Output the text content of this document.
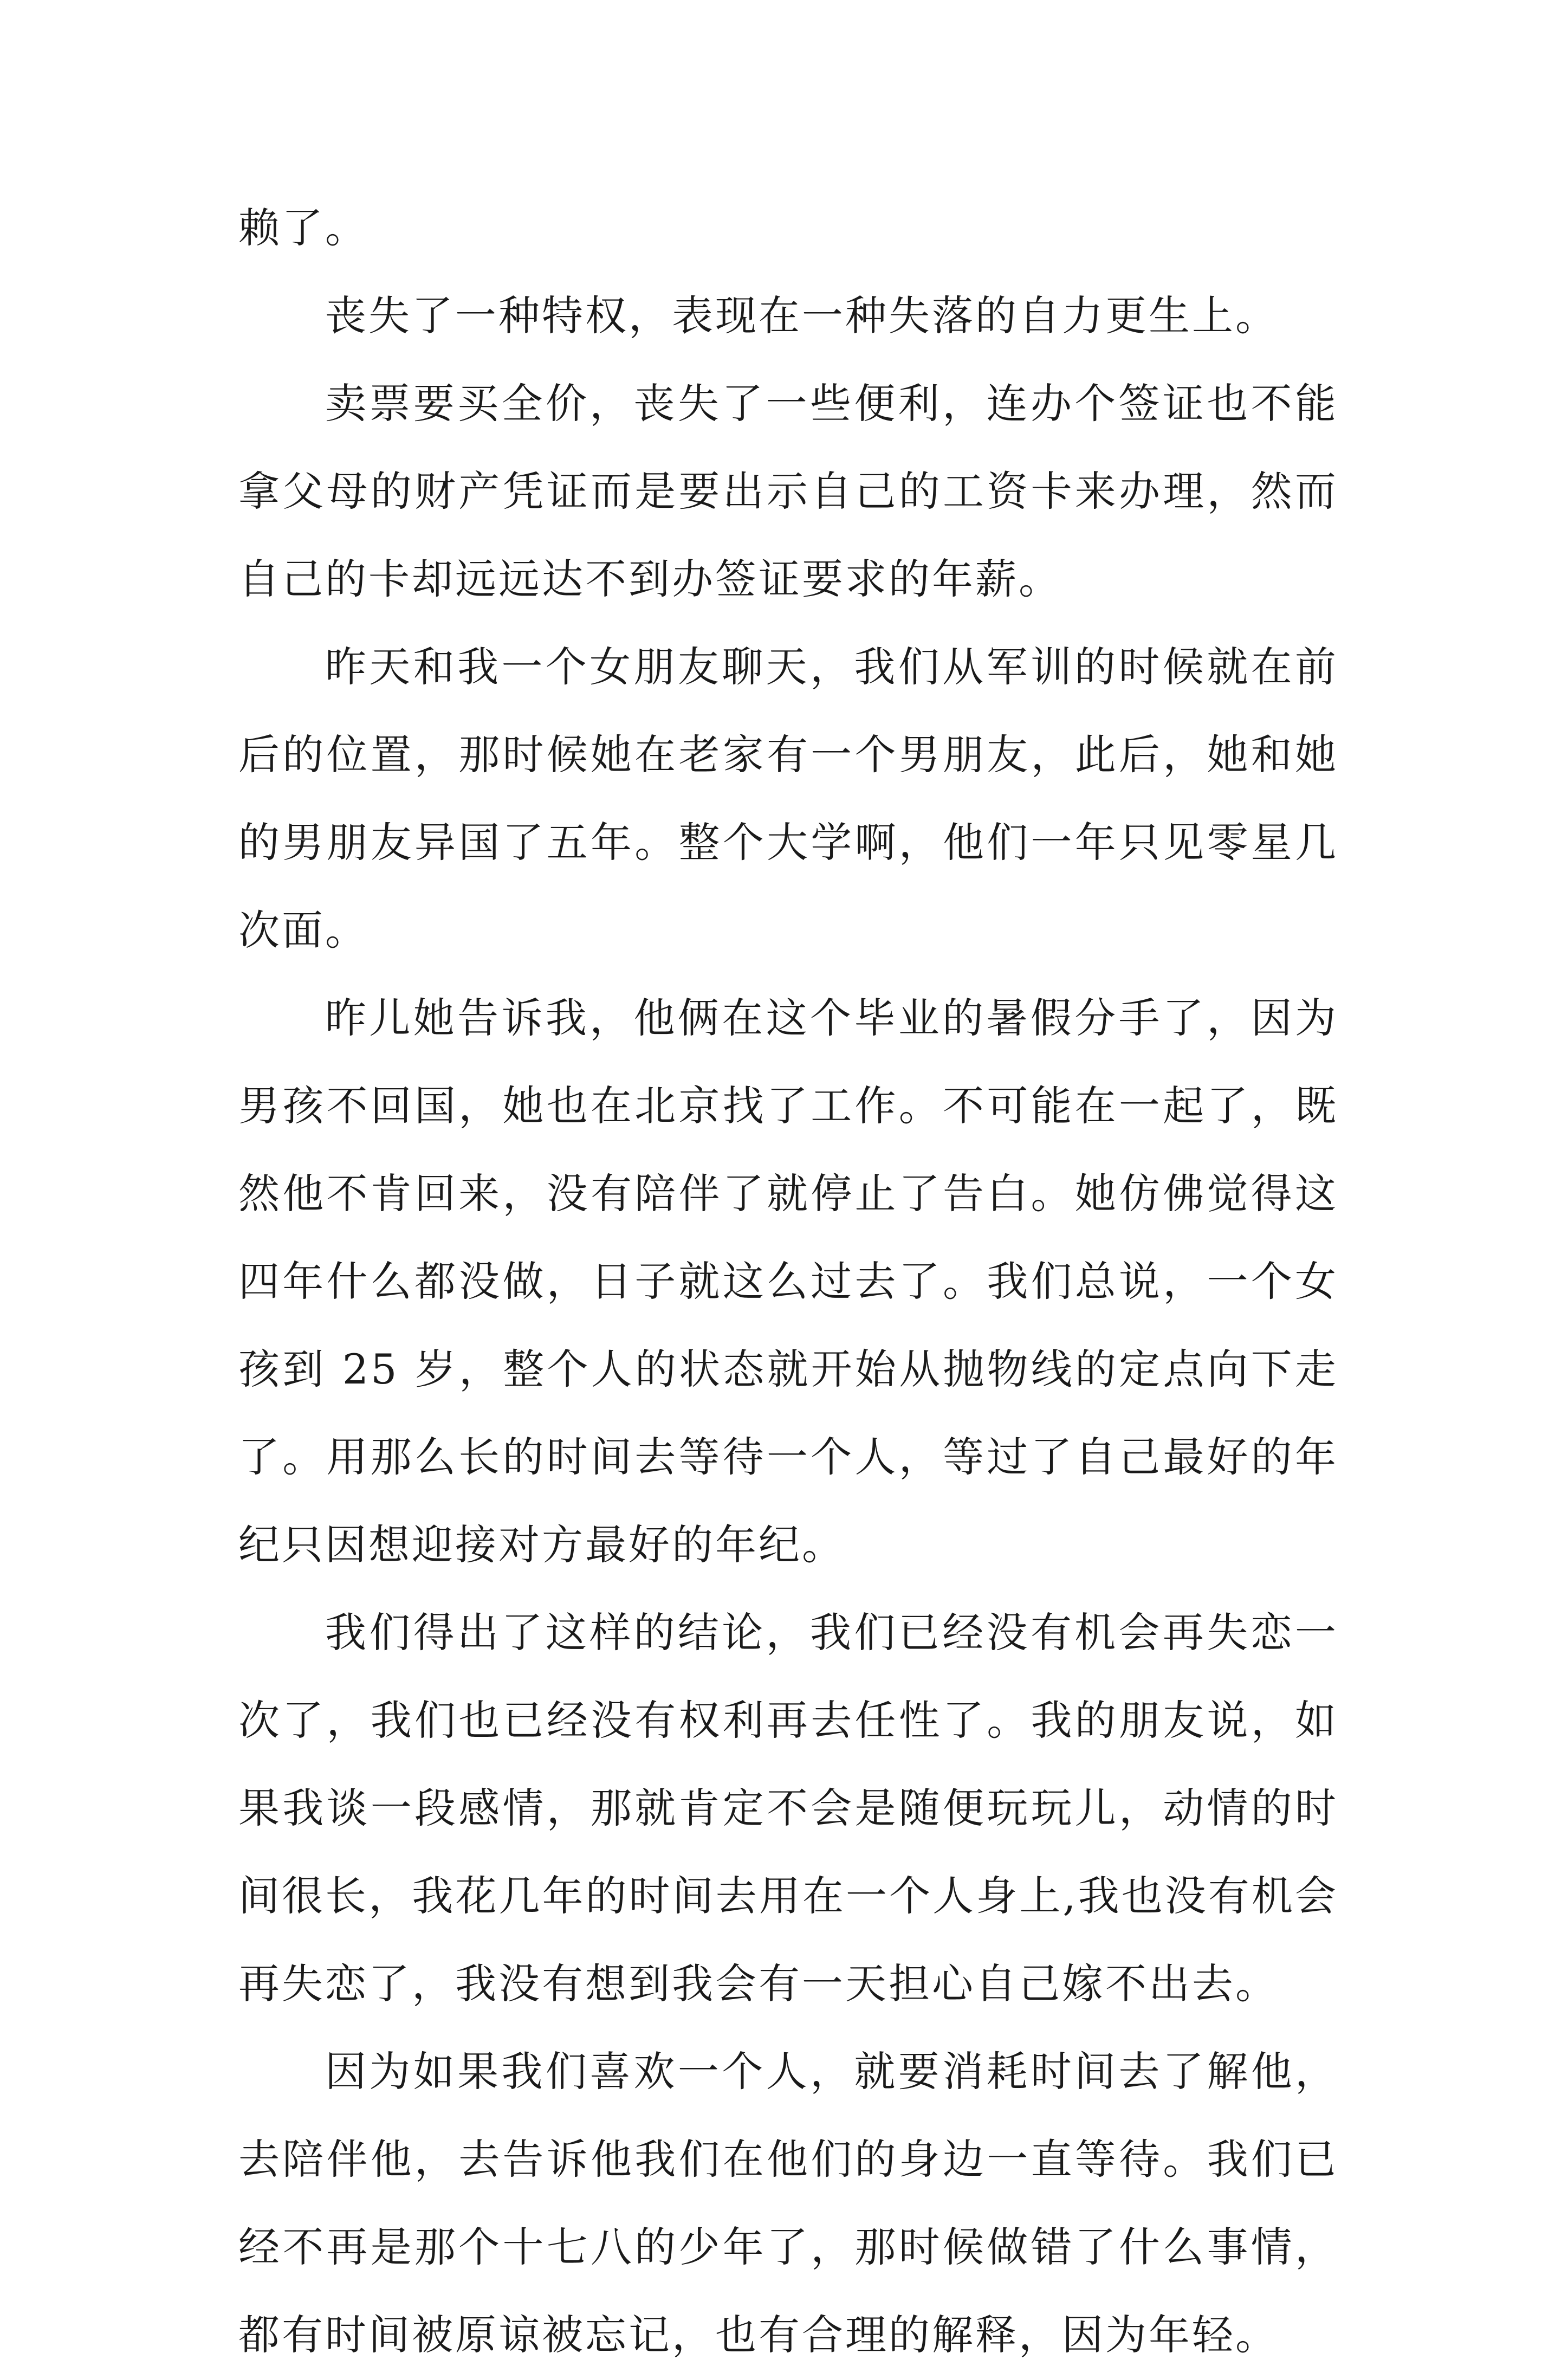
赖了。

丧失了一种特权，表现在一种失落的自力更生上。

卖票要买全价，丧失了一些便利，连办个签证也不能拿父母的财产凭证而是要出示自己的工资卡来办理，然而自己的卡却远远达不到办签证要求的年薪。

昨天和我一个女朋友聊天，我们从军训的时候就在前后的位置，那时候她在老家有一个男朋友，此后，她和她的男朋友异国了五年。整个大学啊，他们一年只见零星几次面。

昨儿她告诉我，他俩在这个毕业的暑假分手了，因为男孩不回国，她也在北京找了工作。不可能在一起了，既然他不肯回来，没有陪伴了就停止了告白。她仿佛觉得这四年什么都没做，日子就这么过去了。我们总说，一个女孩到 25 岁，整个人的状态就开始从抛物线的定点向下走了。用那么长的时间去等待一个人，等过了自己最好的年纪只因想迎接对方最好的年纪。

我们得出了这样的结论，我们已经没有机会再失恋一次了，我们也已经没有权利再去任性了。我的朋友说，如果我谈一段感情，那就肯定不会是随便玩玩儿，动情的时间很长，我花几年的时间去用在一个人身上,我也没有机会再失恋了，我没有想到我会有一天担心自己嫁不出去。

因为如果我们喜欢一个人，就要消耗时间去了解他，去陪伴他，去告诉他我们在他们的身边一直等待。我们已经不再是那个十七八的少年了，那时候做错了什么事情，都有时间被原谅被忘记，也有合理的解释，因为年轻。
